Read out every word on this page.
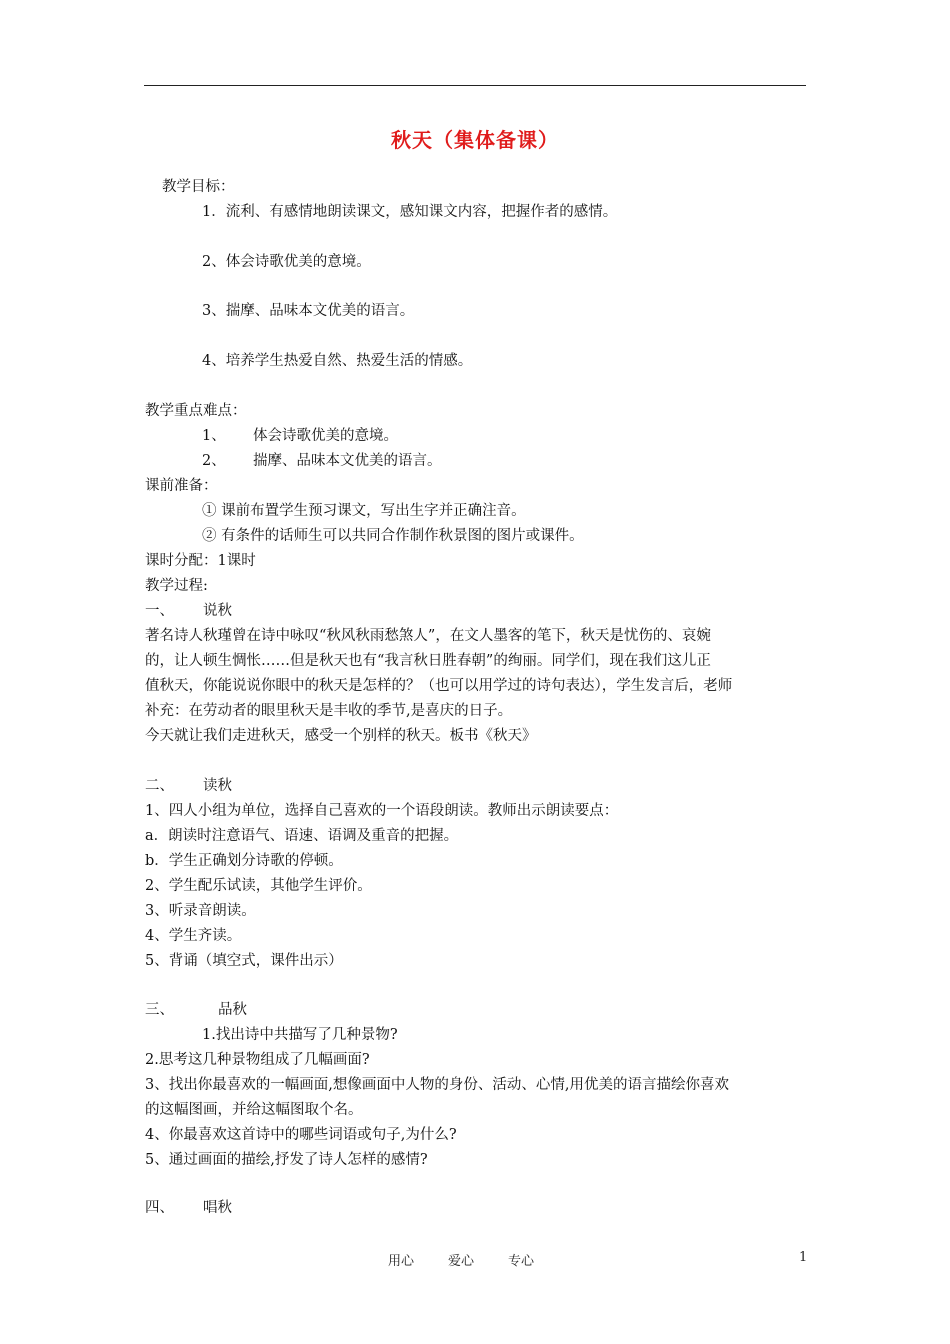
秋天（集体备课）
教学目标：
1．流利、有感情地朗读课文，感知课文内容，把握作者的感情。
2、体会诗歌优美的意境。
3、揣摩、品味本文优美的语言。
4、培养学生热爱自然、热爱生活的情感。
教学重点难点：
1、 体会诗歌优美的意境。
2、 揣摩、品味本文优美的语言。
课前准备：
① 课前布置学生预习课文，写出生字并正确注音。
② 有条件的话师生可以共同合作制作秋景图的图片或课件。
课时分配：1课时
教学过程:
一、 说秋
著名诗人秋瑾曾在诗中咏叹“秋风秋雨愁煞人”，在文人墨客的笔下，秋天是忧伤的、哀婉
的，让人顿生惆怅……但是秋天也有“我言秋日胜春朝”的绚丽。同学们，现在我们这儿正
值秋天，你能说说你眼中的秋天是怎样的？（也可以用学过的诗句表达），学生发言后，老师
补充：在劳动者的眼里秋天是丰收的季节,是喜庆的日子。
今天就让我们走进秋天，感受一个别样的秋天。板书《秋天》
二、 读秋
1、四人小组为单位，选择自己喜欢的一个语段朗读。教师出示朗读要点：
a．朗读时注意语气、语速、语调及重音的把握。
b．学生正确划分诗歌的停顿。
2、学生配乐试读，其他学生评价。
3、听录音朗读。
4、学生齐读。
5、背诵（填空式，课件出示）
三、	品秋
1.找出诗中共描写了几种景物?
2.思考这几种景物组成了几幅画面?
3、找出你最喜欢的一幅画面,想像画面中人物的身份、活动、心情,用优美的语言描绘你喜欢
的这幅图画，并给这幅图取个名。
4、你最喜欢这首诗中的哪些词语或句子,为什么?
5、通过画面的描绘,抒发了诗人怎样的感情?
四、 唱秋
用心	爱心	专心	1
